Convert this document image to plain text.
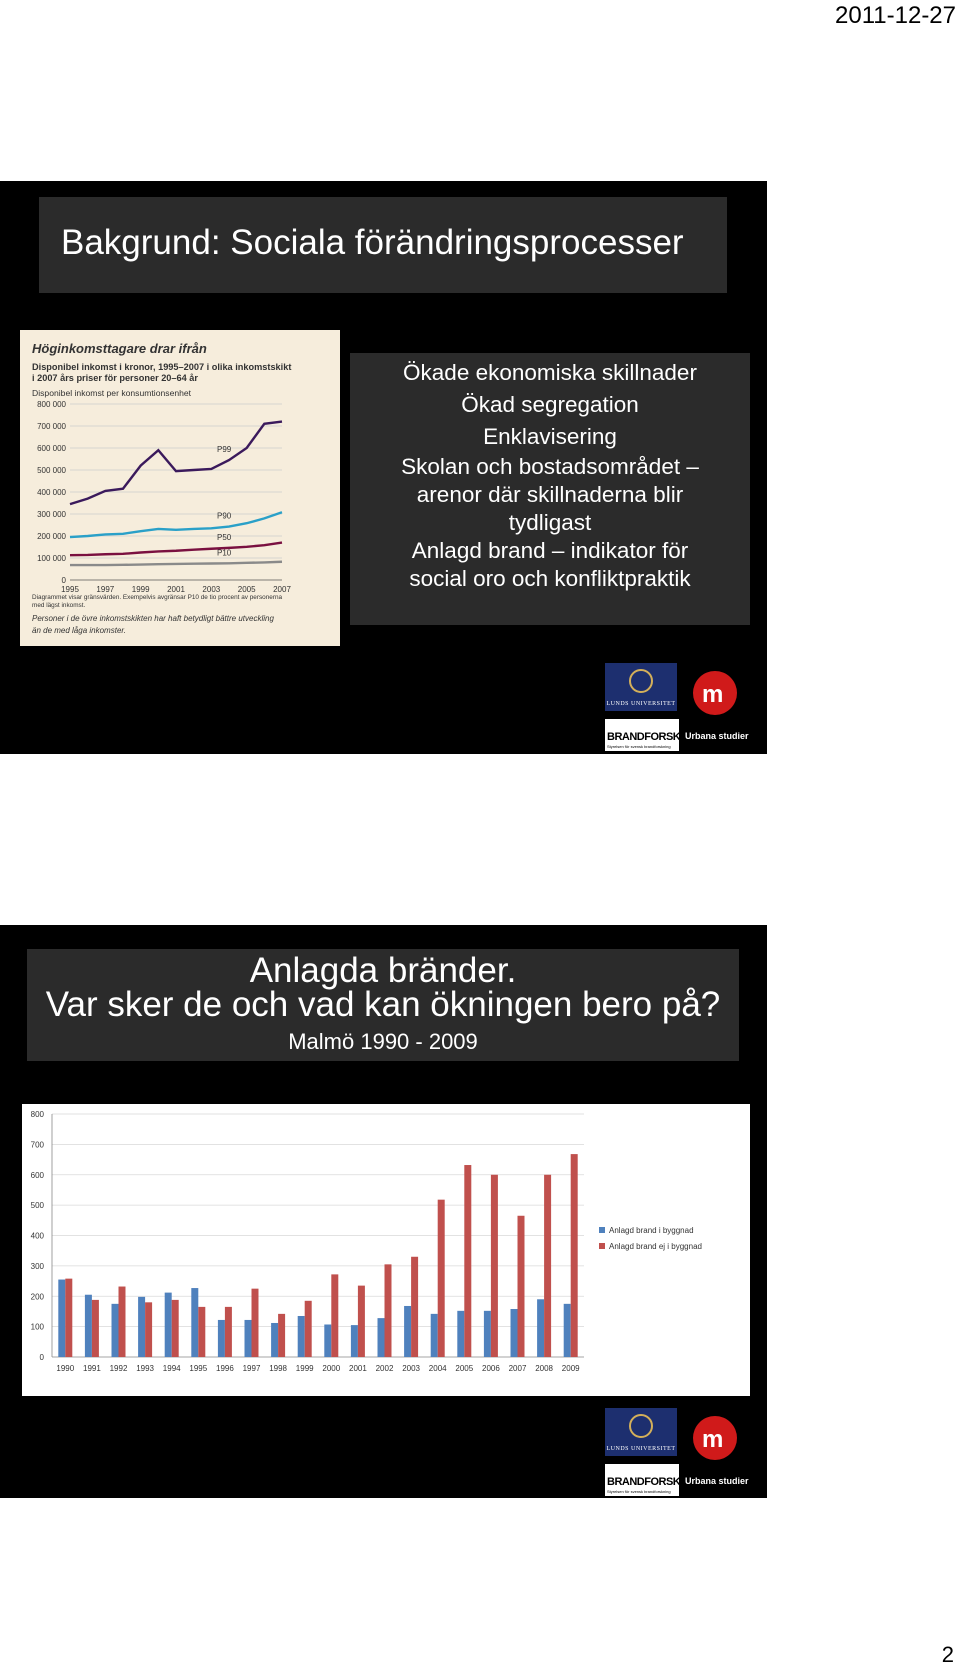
2011-12-27
Bakgrund: Sociala förändringsprocesser
Höginkomsttagare drar ifrån
Disponibel inkomst i kronor, 1995–2007 i olika inkomstskikt
i 2007 års priser för personer 20–64 år
Disponibel inkomst per konsumtionsenhet
0
100 000
200 000
300 000
400 000
500 000
600 000
700 000
800 000
1995 1997 1999 2001 2003 2005 2007
P99
P90
P50
P10
Diagrammet visar gränsvärden. Exempelvis avgränsar P10 de tio procent av personerna
med lägst inkomst.
Personer i de övre inkomstskikten har haft betydligt bättre utveckling
än de med låga inkomster.
Ökade ekonomiska skillnader
Ökad segregation
Enklavisering
Skolan och bostadsområdet –
arenor där skillnaderna blir
tydligast
Anlagd brand – indikator för
social oro och konfliktpraktik
LUNDS UNIVERSITET m
BRANDFORSK
Styrelsen för svensk brandforskning
Urbana studier
Anlagda bränder.
Var sker de och vad kan ökningen bero på?
Malmö 1990 - 2009
0
100
200
300
400
500
600
700
800
1990 1991 1992 1993 1994 1995 1996 1997 1998 1999 2000 2001 2002 2003 2004 2005 2006 2007 2008 2009
Anlagd brand i byggnad
Anlagd brand ej i byggnad
LUNDS UNIVERSITET m
BRANDFORSK
Styrelsen för svensk brandforskning
Urbana studier
2
